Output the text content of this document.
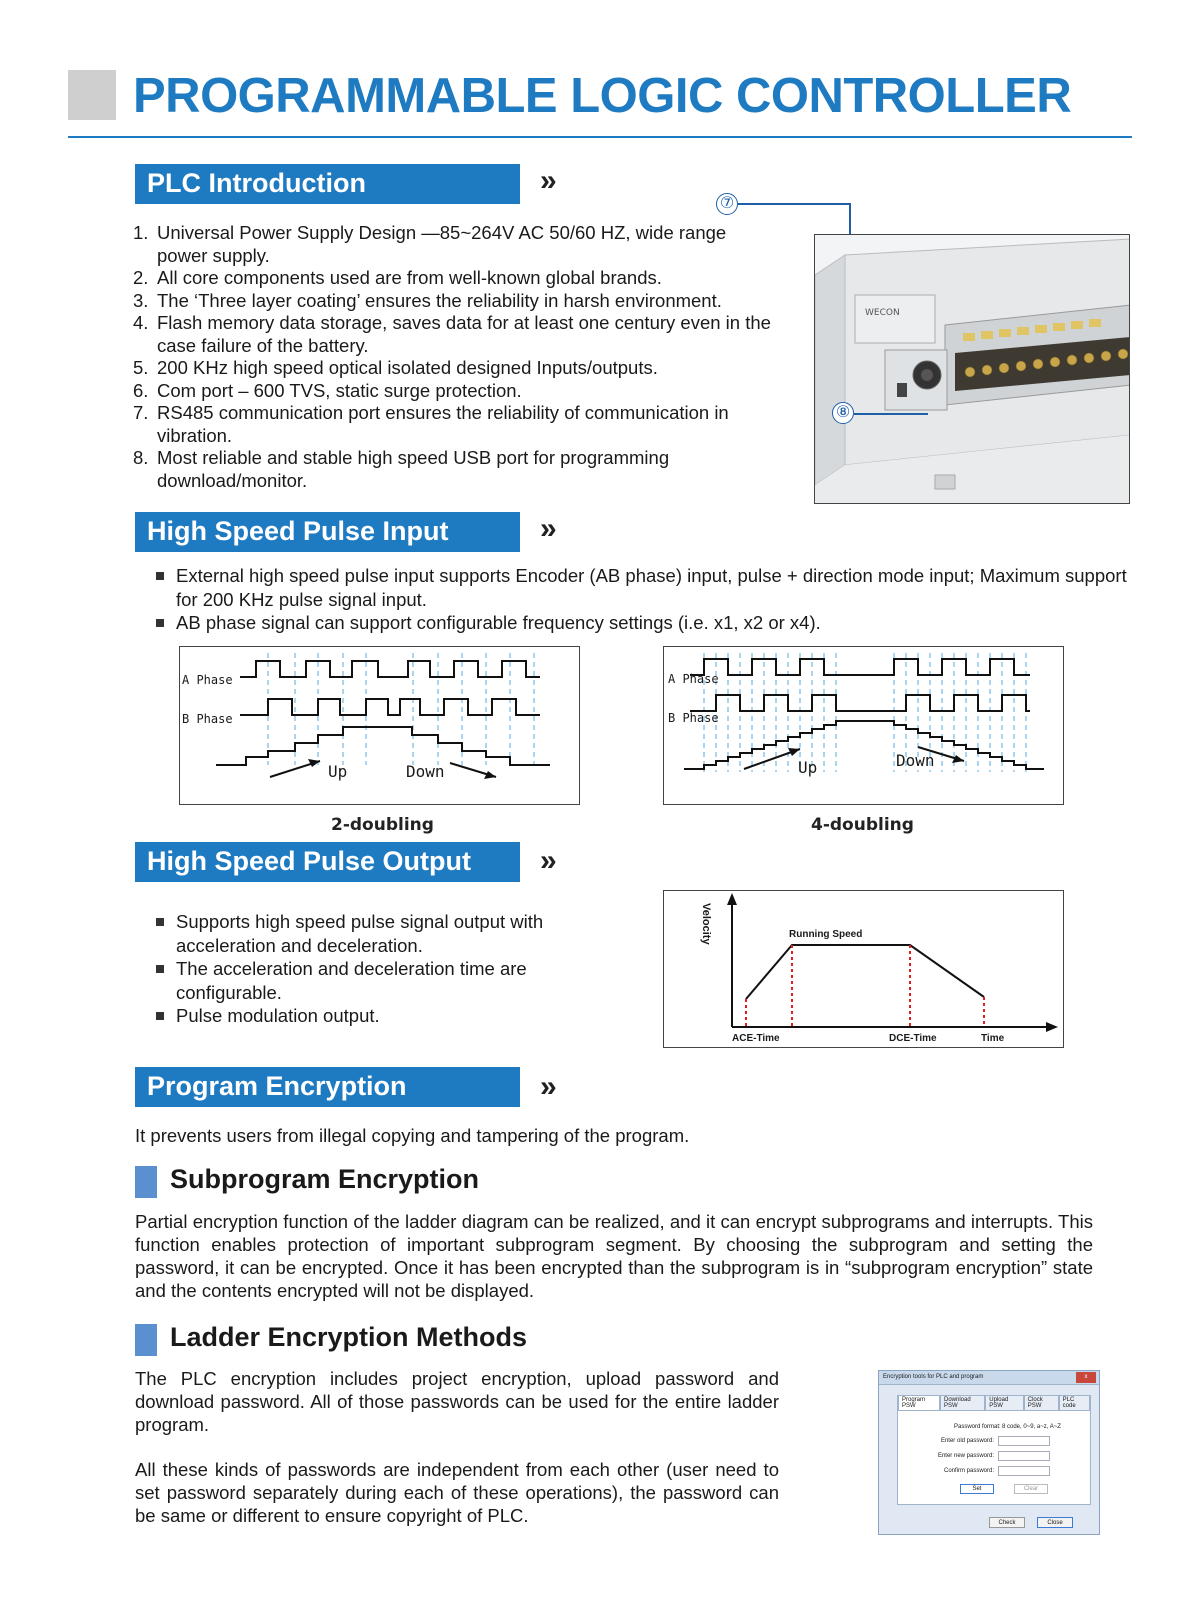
PROGRAMMABLE LOGIC CONTROLLER
PLC Introduction	»
1. Universal Power Supply Design —85~264V AC 50/60 HZ, wide range power supply.
2. All core components used are from well-known global brands.
3. The ‘Three layer coating’ ensures the reliability in harsh environment.
4. Flash memory data storage, saves data for at least one century even in the case failure of the battery.
5. 200 KHz high speed optical isolated designed Inputs/outputs.
6. Com port – 600 TVS, static surge protection.
7. RS485 communication port ensures the reliability of communication in vibration.
8. Most reliable and stable high speed USB port for programming download/monitor.
⑦
WECON
⑧
High Speed Pulse Input	»
External high speed pulse input supports Encoder (AB phase) input, pulse + direction mode input; Maximum support for 200 KHz pulse signal input.
AB phase signal can support configurable frequency settings (i.e. x1, x2 or x4).
A Phase
B Phase
Up	Down
2-doubling
A Phase
B Phase
Up	Down
4-doubling
High Speed Pulse Output	»
Supports high speed pulse signal output with acceleration and deceleration.
The acceleration and deceleration time are configurable.
Pulse modulation output.
Velocity	Running Speed
ACE-Time	DCE-Time	Time
Program Encryption	»
It prevents users from illegal copying and tampering of the program.
Subprogram Encryption
Partial encryption function of the ladder diagram can be realized, and it can encrypt subprograms and interrupts. This function enables protection of important subprogram segment. By choosing the subprogram and setting the password, it can be encrypted. Once it has been encrypted than the subprogram is in “subprogram encryption” state and the contents encrypted will not be displayed.
Ladder Encryption Methods
The PLC encryption includes project encryption, upload password and download password. All of those passwords can be used for the entire ladder program.
All these kinds of passwords are independent from each other (user need to set password separately during each of these operations), the password can be same or different to ensure copyright of PLC.
Encryption tools for PLC and program	x
Program PSW
Download PSW
Upload PSW
Clock PSW
PLC code
Password format: 8 code, 0~9, a~z, A~Z
Enter old password:
Enter new password:
Confirm password:
Set	Clear
Check	Close
